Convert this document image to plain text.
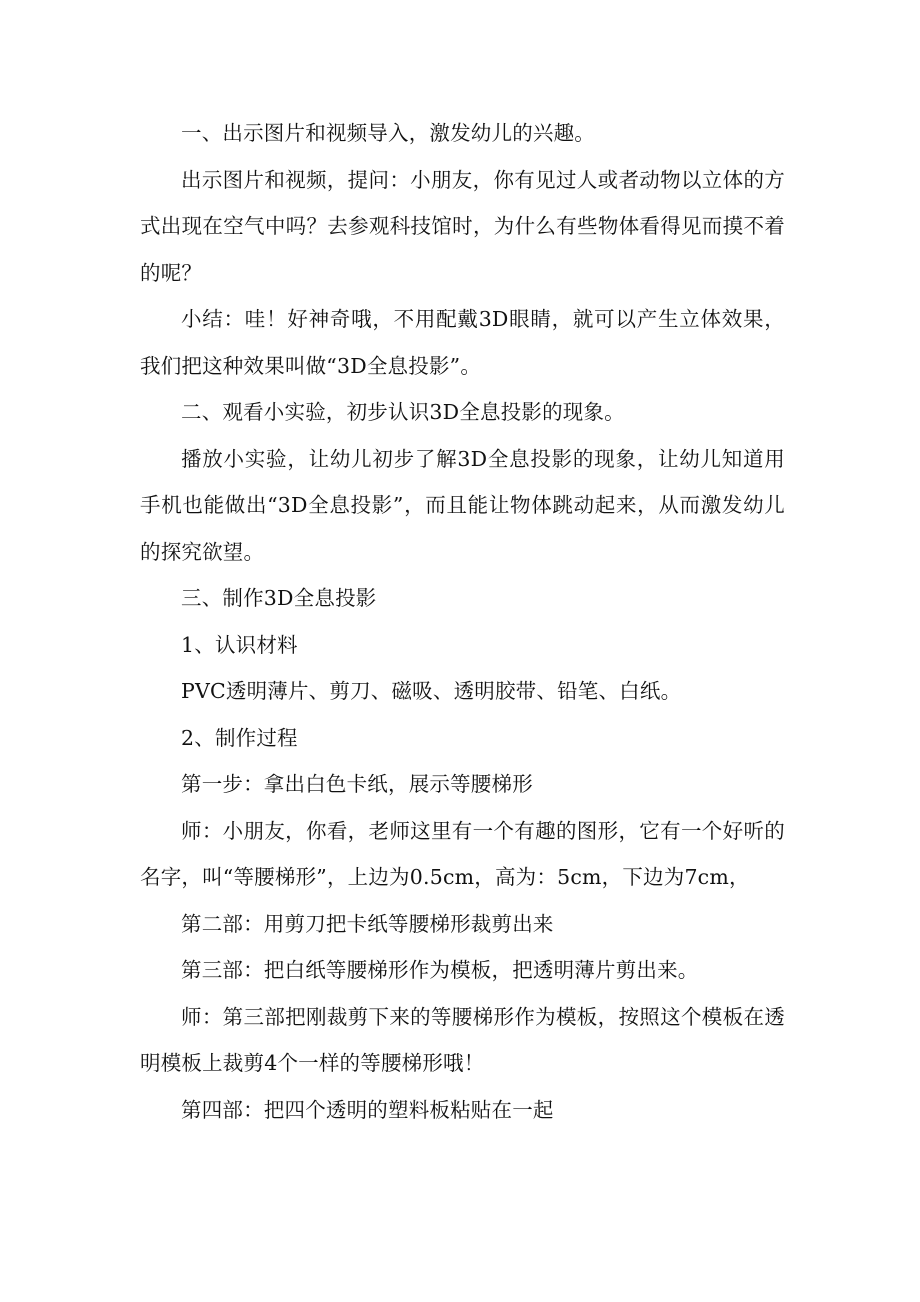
一、出示图片和视频导入，激发幼儿的兴趣。

出示图片和视频，提问：小朋友，你有见过人或者动物以立体的方式出现在空气中吗？去参观科技馆时，为什么有些物体看得见而摸不着的呢？

小结：哇！好神奇哦，不用配戴3D眼睛，就可以产生立体效果，我们把这种效果叫做“3D全息投影”。

二、观看小实验，初步认识3D全息投影的现象。

播放小实验，让幼儿初步了解3D全息投影的现象，让幼儿知道用手机也能做出“3D全息投影”，而且能让物体跳动起来，从而激发幼儿的探究欲望。

三、制作3D全息投影

1、认识材料

PVC透明薄片、剪刀、磁吸、透明胶带、铅笔、白纸。

2、制作过程

第一步：拿出白色卡纸，展示等腰梯形

师：小朋友，你看，老师这里有一个有趣的图形，它有一个好听的名字，叫“等腰梯形”，上边为0.5cm，高为：5cm，下边为7cm，

第二部：用剪刀把卡纸等腰梯形裁剪出来

第三部：把白纸等腰梯形作为模板，把透明薄片剪出来。

师：第三部把刚裁剪下来的等腰梯形作为模板，按照这个模板在透明模板上裁剪4个一样的等腰梯形哦！

第四部：把四个透明的塑料板粘贴在一起
